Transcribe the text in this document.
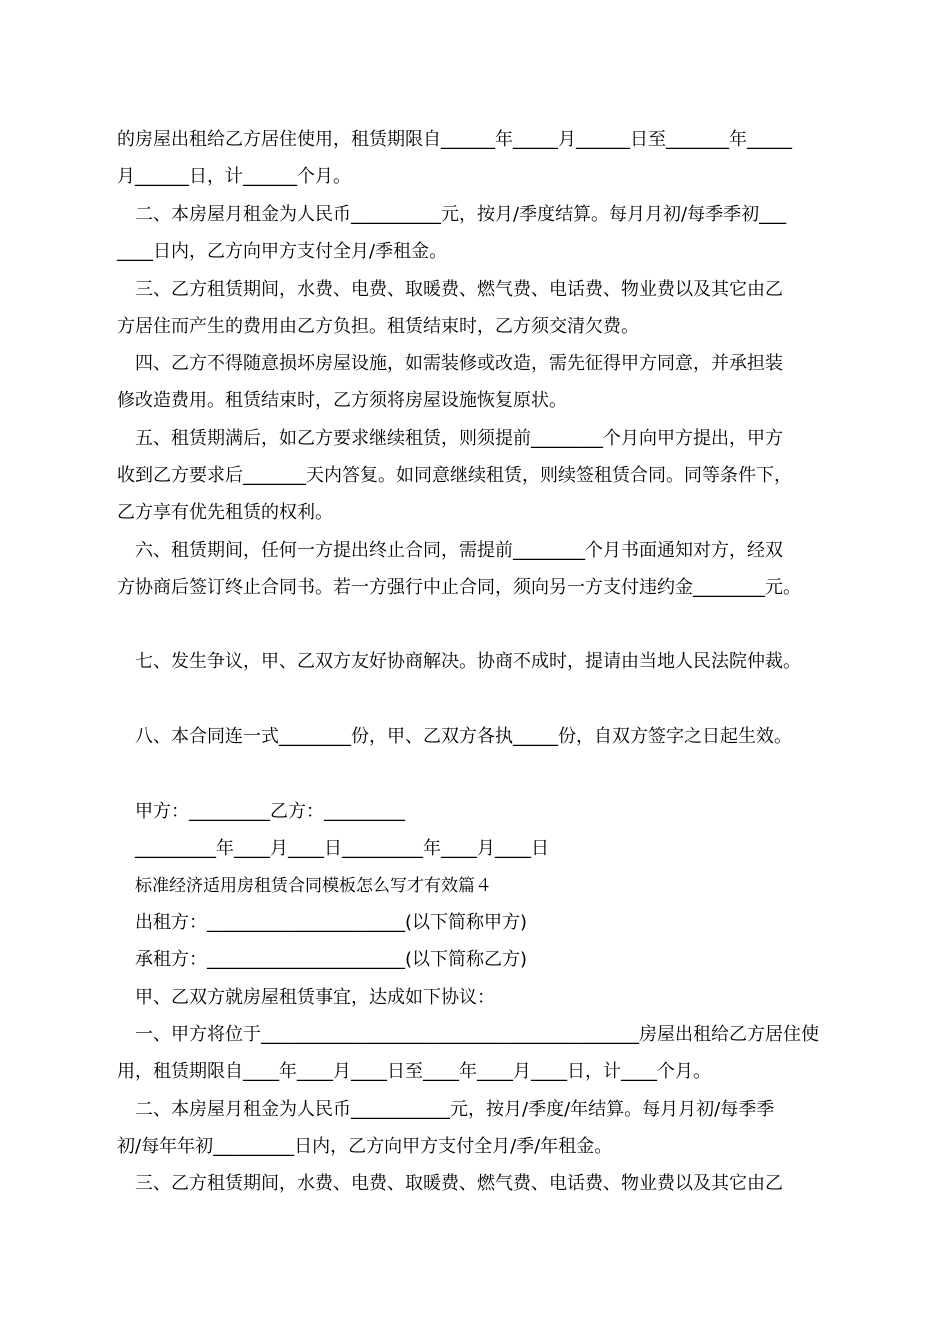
的房屋出租给乙方居住使用，租赁期限自______年_____月______日至_______年_____

月______日，计______个月。

二、本房屋月租金为人民币__________元，按月/季度结算。每月月初/每季季初___

____日内，乙方向甲方支付全月/季租金。

三、乙方租赁期间，水费、电费、取暖费、燃气费、电话费、物业费以及其它由乙

方居住而产生的费用由乙方负担。租赁结束时，乙方须交清欠费。

四、乙方不得随意损坏房屋设施，如需装修或改造，需先征得甲方同意，并承担装

修改造费用。租赁结束时，乙方须将房屋设施恢复原状。

五、租赁期满后，如乙方要求继续租赁，则须提前________个月向甲方提出，甲方

收到乙方要求后_______天内答复。如同意继续租赁，则续签租赁合同。同等条件下，

乙方享有优先租赁的权利。

六、租赁期间，任何一方提出终止合同，需提前________个月书面通知对方，经双

方协商后签订终止合同书。若一方强行中止合同，须向另一方支付违约金________元。

七、发生争议，甲、乙双方友好协商解决。协商不成时，提请由当地人民法院仲裁。

八、本合同连一式________份，甲、乙双方各执_____份，自双方签字之日起生效。

甲方：_________乙方：_________

_________年____月____日_________年____月____日

标准经济适用房租赁合同模板怎么写才有效篇４

出租方：______________________(以下简称甲方)

承租方：______________________(以下简称乙方)

甲、乙双方就房屋租赁事宜，达成如下协议：

一、甲方将位于__________________________________________房屋出租给乙方居住使

用，租赁期限自____年____月____日至____年____月____日，计____个月。

二、本房屋月租金为人民币___________元，按月/季度/年结算。每月月初/每季季

初/每年年初_________日内，乙方向甲方支付全月/季/年租金。

三、乙方租赁期间，水费、电费、取暖费、燃气费、电话费、物业费以及其它由乙
